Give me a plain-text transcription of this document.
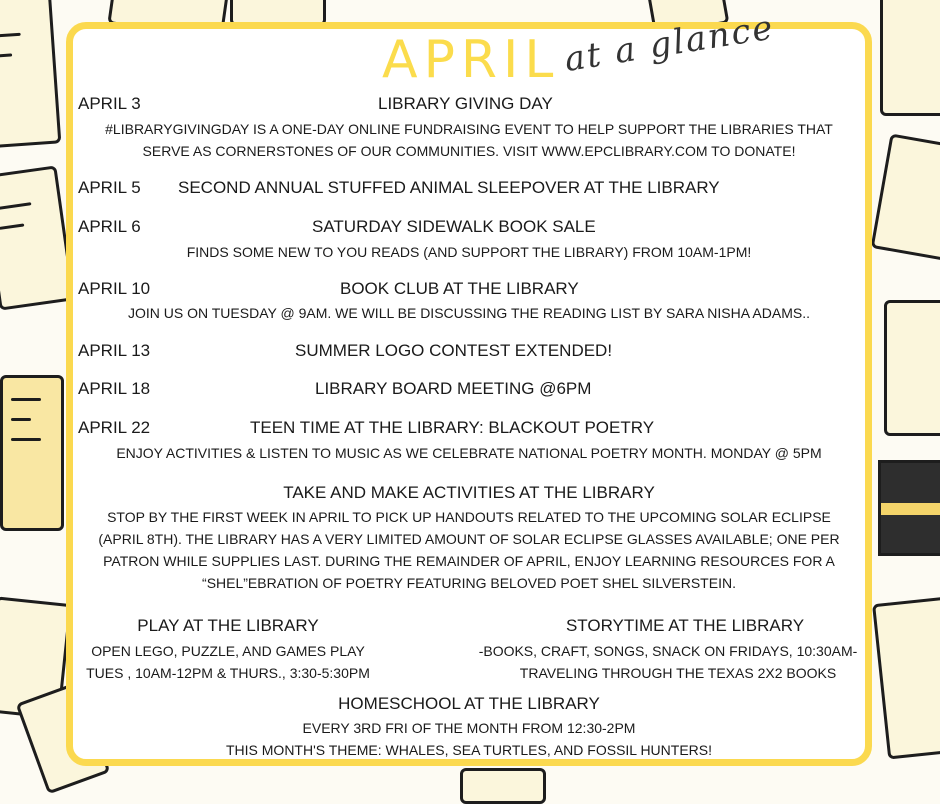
APRIL at a glance
APRIL 3	LIBRARY GIVING DAY
#LIBRARYGIVINGDAY IS A ONE-DAY ONLINE FUNDRAISING EVENT TO HELP SUPPORT THE LIBRARIES THAT
SERVE AS CORNERSTONES OF OUR COMMUNITIES. VISIT WWW.EPCLIBRARY.COM TO DONATE!
APRIL 5 SECOND ANNUAL STUFFED ANIMAL SLEEPOVER AT THE LIBRARY
APRIL 6	SATURDAY SIDEWALK BOOK SALE
FINDS SOME NEW TO YOU READS (AND SUPPORT THE LIBRARY) FROM 10AM-1PM!
APRIL 10	BOOK CLUB AT THE LIBRARY
JOIN US ON TUESDAY @ 9AM. WE WILL BE DISCUSSING THE READING LIST BY SARA NISHA ADAMS..
APRIL 13	SUMMER LOGO CONTEST EXTENDED!
APRIL 18	LIBRARY BOARD MEETING @6PM
APRIL 22	TEEN TIME AT THE LIBRARY: BLACKOUT POETRY
ENJOY ACTIVITIES & LISTEN TO MUSIC AS WE CELEBRATE NATIONAL POETRY MONTH. MONDAY @ 5PM
TAKE AND MAKE ACTIVITIES AT THE LIBRARY
STOP BY THE FIRST WEEK IN APRIL TO PICK UP HANDOUTS RELATED TO THE UPCOMING SOLAR ECLIPSE
(APRIL 8TH). THE LIBRARY HAS A VERY LIMITED AMOUNT OF SOLAR ECLIPSE GLASSES AVAILABLE; ONE PER
PATRON WHILE SUPPLIES LAST. DURING THE REMAINDER OF APRIL, ENJOY LEARNING RESOURCES FOR A
“SHEL”EBRATION OF POETRY FEATURING BELOVED POET SHEL SILVERSTEIN.
PLAY AT THE LIBRARY
OPEN LEGO, PUZZLE, AND GAMES PLAY
TUES , 10AM-12PM & THURS., 3:30-5:30PM
STORYTIME AT THE LIBRARY
-BOOKS, CRAFT, SONGS, SNACK ON FRIDAYS, 10:30AM-
TRAVELING THROUGH THE TEXAS 2X2 BOOKS
HOMESCHOOL AT THE LIBRARY
EVERY 3RD FRI OF THE MONTH FROM 12:30-2PM
THIS MONTH'S THEME: WHALES, SEA TURTLES, AND FOSSIL HUNTERS!
